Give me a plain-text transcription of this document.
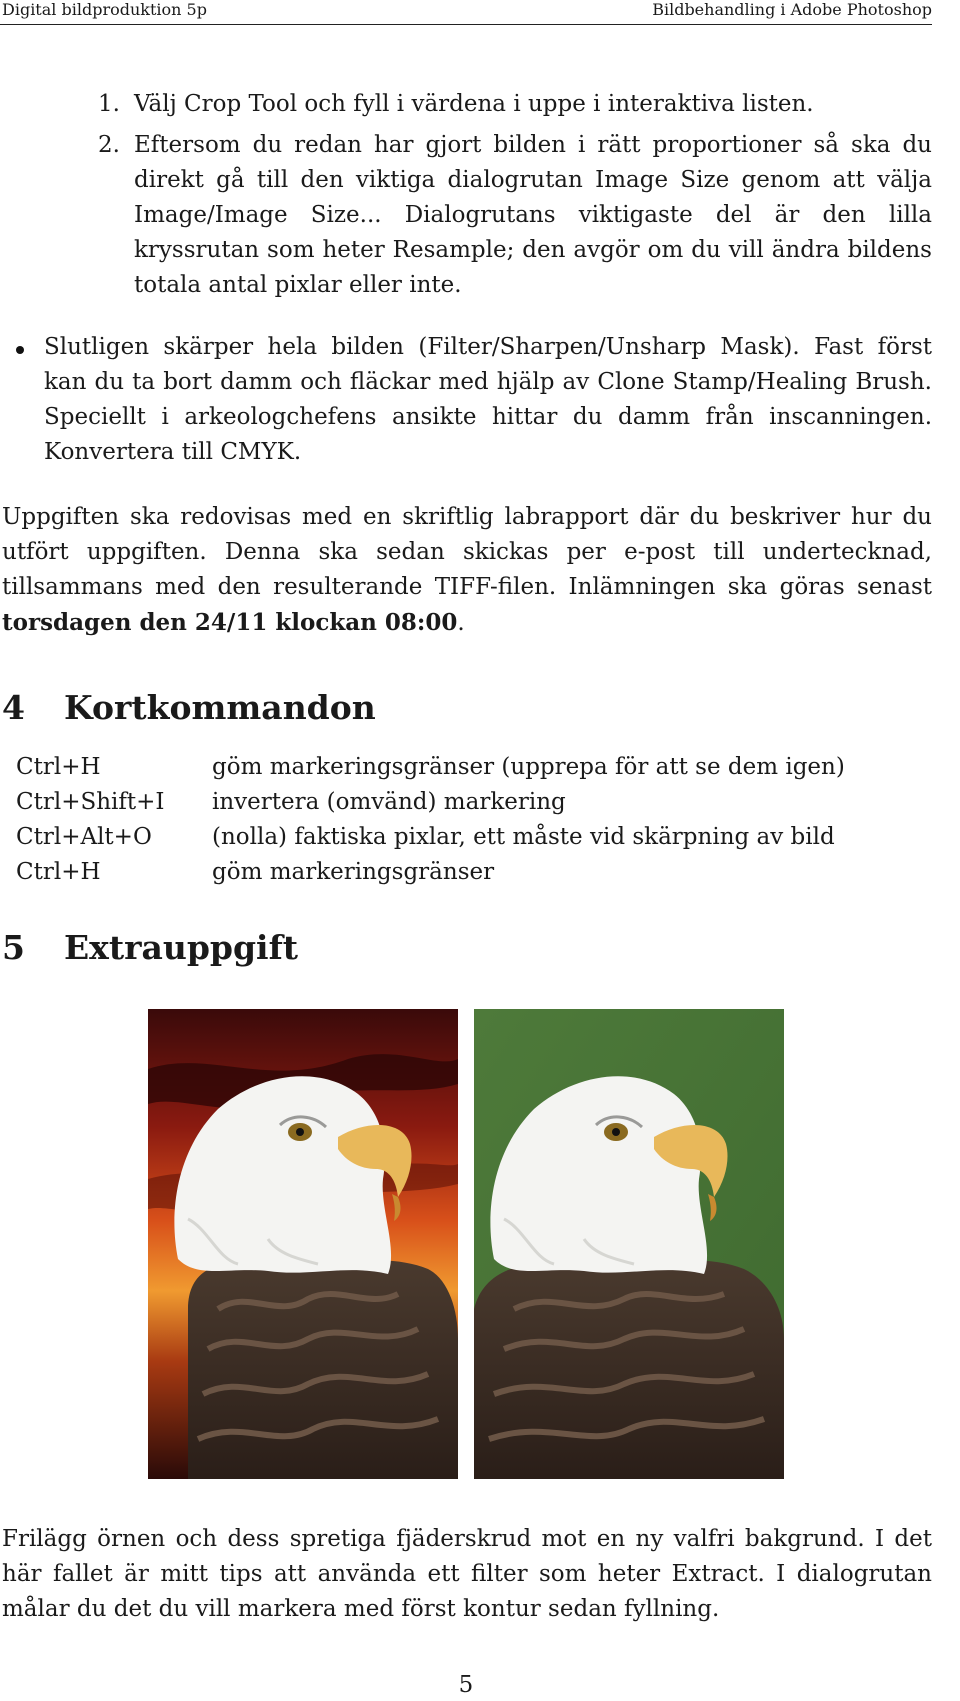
Digital bildproduktion 5p	Bildbehandling i Adobe Photoshop
1. Välj Crop Tool och fyll i värdena i uppe i interaktiva listen.
2. Eftersom du redan har gjort bilden i rätt proportioner så ska du direkt gå till den viktiga dialogrutan Image Size genom att välja Image/Image Size... Dialogrutans viktigaste del är den lilla kryssrutan som heter Resample; den avgör om du vill ändra bildens totala antal pixlar eller inte.
Slutligen skärper hela bilden (Filter/Sharpen/Unsharp Mask). Fast först kan du ta bort damm och fläckar med hjälp av Clone Stamp/Healing Brush. Speciellt i arkeologchefens ansikte hittar du damm från inscanningen. Konvertera till CMYK.
Uppgiften ska redovisas med en skriftlig labrapport där du beskriver hur du utfört uppgiften. Denna ska sedan skickas per e-post till undertecknad, tillsammans med den resulterande TIFF-filen. Inlämningen ska göras senast torsdagen den 24/11 klockan 08:00.
4 Kortkommandon
Ctrl+H	göm markeringsgränser (upprepa för att se dem igen)
Ctrl+Shift+I	invertera (omvänd) markering
Ctrl+Alt+O	(nolla) faktiska pixlar, ett måste vid skärpning av bild
Ctrl+H	göm markeringsgränser
5 Extrauppgift
Frilägg örnen och dess spretiga fjäderskrud mot en ny valfri bakgrund. I det här fallet är mitt tips att använda ett filter som heter Extract. I dialogrutan målar du det du vill markera med först kontur sedan fyllning.
5
